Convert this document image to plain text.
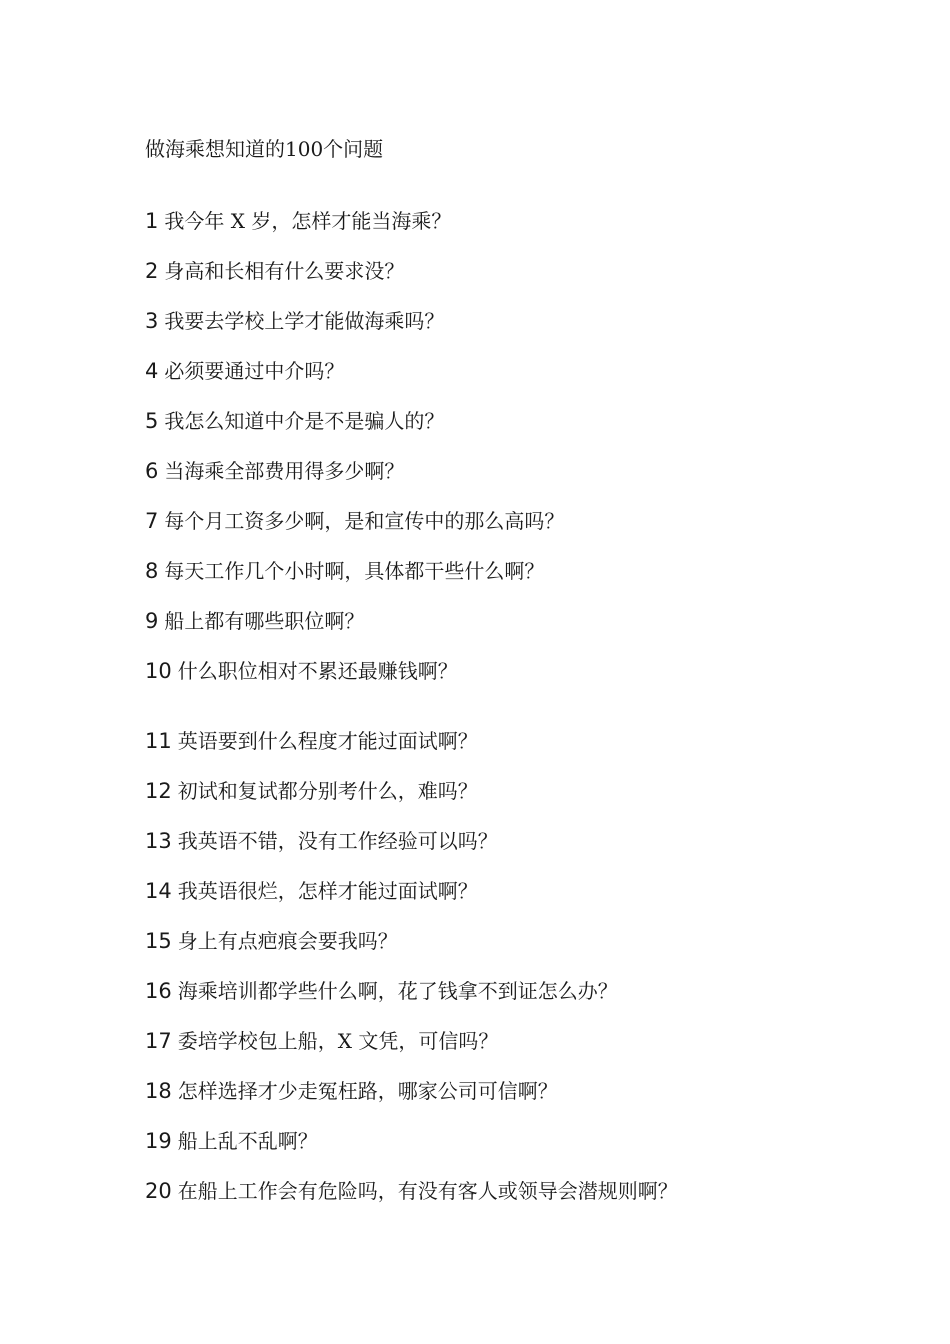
做海乘想知道的100个问题
1 我今年 X 岁，怎样才能当海乘？
2 身高和长相有什么要求没？
3 我要去学校上学才能做海乘吗？
4 必须要通过中介吗？
5 我怎么知道中介是不是骗人的？
6 当海乘全部费用得多少啊？
7 每个月工资多少啊，是和宣传中的那么高吗？
8 每天工作几个小时啊，具体都干些什么啊？
9 船上都有哪些职位啊？
10 什么职位相对不累还最赚钱啊？
11 英语要到什么程度才能过面试啊？
12 初试和复试都分别考什么，难吗？
13 我英语不错，没有工作经验可以吗？
14 我英语很烂，怎样才能过面试啊？
15 身上有点疤痕会要我吗？
16 海乘培训都学些什么啊，花了钱拿不到证怎么办？
17 委培学校包上船，X 文凭，可信吗？
18 怎样选择才少走冤枉路，哪家公司可信啊？
19 船上乱不乱啊？
20 在船上工作会有危险吗，有没有客人或领导会潜规则啊？
